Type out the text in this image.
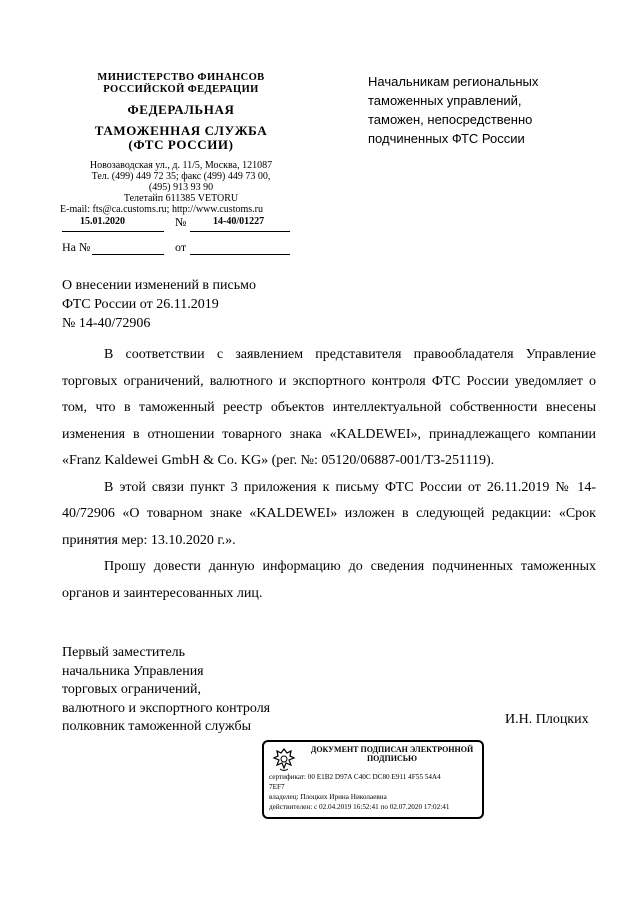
МИНИСТЕРСТВО ФИНАНСОВ
РОССИЙСКОЙ ФЕДЕРАЦИИ
ФЕДЕРАЛЬНАЯ
ТАМОЖЕННАЯ СЛУЖБА
(ФТС РОССИИ)
Новозаводская ул., д. 11/5, Москва, 121087
Тел. (499) 449 72 35; факс (499) 449 73 00,
(495) 913 93 90
Телетайп 611385 VETORU
E-mail: fts@ca.customs.ru; http://www.customs.ru
15.01.2020	№	14-40/01227
На №	от
Начальникам региональных
таможенных управлений,
таможен, непосредственно
подчиненных ФТС России
О внесении изменений в письмо
ФТС России от 26.11.2019
№ 14-40/72906

В соответствии с заявлением представителя правообладателя Управление торговых ограничений, валютного и экспортного контроля ФТС России уведомляет о том, что в таможенный реестр объектов интеллектуальной собственности внесены изменения в отношении товарного знака «KALDEWEI», принадлежащего компании «Franz Kaldewei GmbH & Co. KG» (рег. №: 05120/06887-001/ТЗ-251119).

В этой связи пункт 3 приложения к письму ФТС России от 26.11.2019 № 14-40/72906 «О товарном знаке «KALDEWEI» изложен в следующей редакции: «Срок принятия мер: 13.10.2020 г.».

Прошу довести данную информацию до сведения подчиненных таможенных органов и заинтересованных лиц.

Первый заместитель
начальника Управления
торговых ограничений,
валютного и экспортного контроля
полковник таможенной службы	И.Н. Плоцких
ДОКУМЕНТ ПОДПИСАН ЭЛЕКТРОННОЙ
ПОДПИСЬЮ
сертификат: 00 E1B2 D97A C40C DC80 E911 4F55 54A4
7EF7
владелец: Плоцких Ирина Николаевна
действителен: с 02.04.2019 16:52:41 по 02.07.2020 17:02:41
